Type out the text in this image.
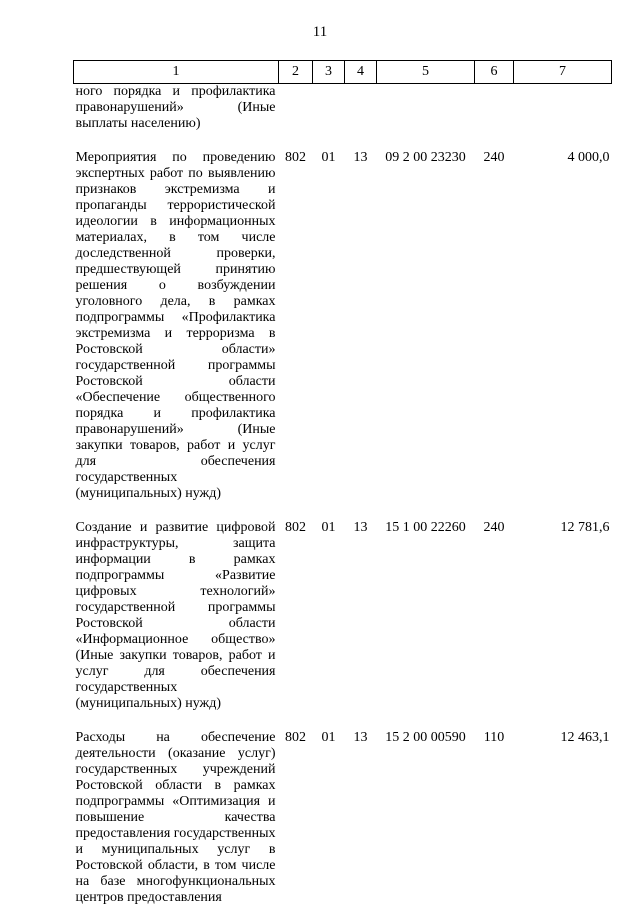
11
1	2	3	4	5	6	7
ного порядка и профилактика правонарушений» (Иные выплаты населению)						
Мероприятия по проведению экспертных работ по выявлению признаков экстремизма и пропаганды террористической идеологии в информационных материалах, в том числе доследственной проверки, предшествующей принятию решения о возбуждении уголовного дела, в рамках подпрограммы «Профилактика экстремизма и терроризма в Ростовской области» государственной программы Ростовской области «Обеспечение общественного порядка и профилактика правонарушений» (Иные закупки товаров, работ и услуг для обеспечения государственных (муниципальных) нужд)	802	01	13	09 2 00 23230	240	4 000,0
Создание и развитие цифровой инфраструктуры, защита информации в рамках подпрограммы «Развитие цифровых технологий» государственной программы Ростовской области «Информационное общество» (Иные закупки товаров, работ и услуг для обеспечения государственных (муниципальных) нужд)	802	01	13	15 1 00 22260	240	12 781,6
Расходы на обеспечение деятельности (оказание услуг) государственных учреждений Ростовской области в рамках подпрограммы «Оптимизация и повышение качества предоставления государственных и муниципальных услуг в Ростовской области, в том числе на базе многофункциональных центров предоставления	802	01	13	15 2 00 00590	110	12 463,1
